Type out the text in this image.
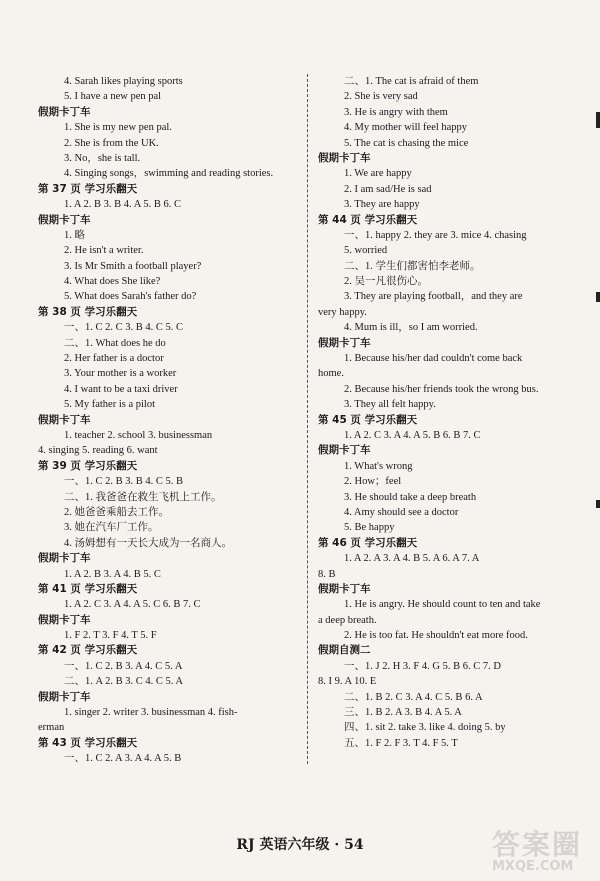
4. Sarah likes playing sports
5. I have a new pen pal
假期卡丁车
1. She is my new pen pal.
2. She is from the UK.
3. No，she is tall.
4. Singing songs，swimming and reading stories.
第 37 页 学习乐翻天
1. A 2. B 3. B 4. A 5. B 6. C
假期卡丁车
1. 略
2. He isn't a writer.
3. Is Mr Smith a football player?
4. What does She like?
5. What does Sarah's father do?
第 38 页 学习乐翻天
一、1. C 2. C 3. B 4. C 5. C
二、1. What does he do
2. Her father is a doctor
3. Your mother is a worker
4. I want to be a taxi driver
5. My father is a pilot
假期卡丁车
1. teacher 2. school 3. businessman
4. singing 5. reading 6. want
第 39 页 学习乐翻天
一、1. C 2. B 3. B 4. C 5. B
二、1. 我爸爸在救生飞机上工作。
2. 她爸爸乘船去工作。
3. 她在汽车厂工作。
4. 汤姆想有一天长大成为一名商人。
假期卡丁车
1. A 2. B 3. A 4. B 5. C
第 41 页 学习乐翻天
1. A 2. C 3. A 4. A 5. C 6. B 7. C
假期卡丁车
1. F 2. T 3. F 4. T 5. F
第 42 页 学习乐翻天
一、1. C 2. B 3. A 4. C 5. A
二、1. A 2. B 3. C 4. C 5. A
假期卡丁车
1. singer 2. writer 3. businessman 4. fish-
erman
第 43 页 学习乐翻天
一、1. C 2. A 3. A 4. A 5. B
二、1. The cat is afraid of them
2. She is very sad
3. He is angry with them
4. My mother will feel happy
5. The cat is chasing the mice
假期卡丁车
1. We are happy
2. I am sad/He is sad
3. They are happy
第 44 页 学习乐翻天
一、1. happy 2. they are 3. mice 4. chasing
5. worried
二、1. 学生们都害怕李老师。
2. 吴一凡很伤心。
3. They are playing football，and they are
very happy.
4. Mum is ill，so I am worried.
假期卡丁车
1. Because his/her dad couldn't come back
home.
2. Because his/her friends took the wrong bus.
3. They all felt happy.
第 45 页 学习乐翻天
1. A 2. C 3. A 4. A 5. B 6. B 7. C
假期卡丁车
1. What's wrong
2. How；feel
3. He should take a deep breath
4. Amy should see a doctor
5. Be happy
第 46 页 学习乐翻天
1. A 2. A 3. A 4. B 5. A 6. A 7. A
8. B
假期卡丁车
1. He is angry. He should count to ten and take
a deep breath.
2. He is too fat. He shouldn't eat more food.
假期自测二
一、1. J 2. H 3. F 4. G 5. B 6. C 7. D
8. I 9. A 10. E
二、1. B 2. C 3. A 4. C 5. B 6. A
三、1. B 2. A 3. B 4. A 5. A
四、1. sit 2. take 3. like 4. doing 5. by
五、1. F 2. F 3. T 4. F 5. T
RJ 英语六年级 · 54	答案圈
MXQE.COM
